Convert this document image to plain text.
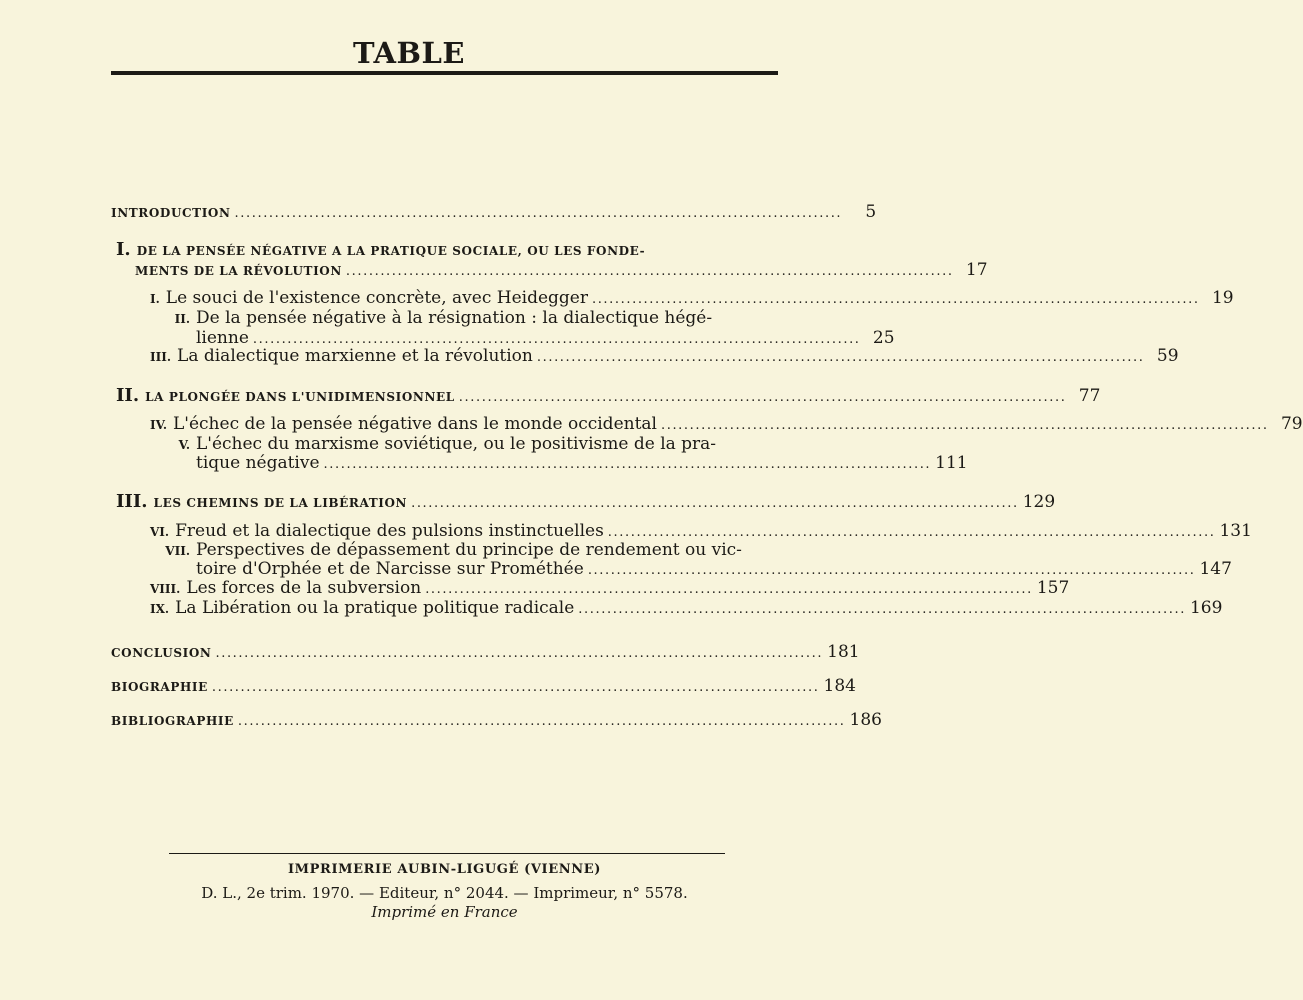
TABLE
INTRODUCTION ..........................................................................................................	5
I. DE LA PENSÉE NÉGATIVE A LA PRATIQUE SOCIALE, OU LES FONDE-
MENTS DE LA RÉVOLUTION .......................................................................................................... 17
I. Le souci de l'existence concrète, avec Heidegger .......................................................................................................... 19
II. De la pensée négative à la résignation : la dialectique hégé-
lienne .......................................................................................................... 25
III. La dialectique marxienne et la révolution .......................................................................................................... 59
II. LA PLONGÉE DANS L'UNIDIMENSIONNEL .......................................................................................................... 77
IV. L'échec de la pensée négative dans le monde occidental .......................................................................................................... 79
V. L'échec du marxisme soviétique, ou le positivisme de la pra-
tique négative .......................................................................................................... 111
III. LES CHEMINS DE LA LIBÉRATION .......................................................................................................... 129
VI. Freud et la dialectique des pulsions instinctuelles .......................................................................................................... 131
VII. Perspectives de dépassement du principe de rendement ou vic-
toire d'Orphée et de Narcisse sur Prométhée .......................................................................................................... 147
VIII. Les forces de la subversion .......................................................................................................... 157
IX. La Libération ou la pratique politique radicale .......................................................................................................... 169
CONCLUSION .......................................................................................................... 181
BIOGRAPHIE .......................................................................................................... 184
BIBLIOGRAPHIE .......................................................................................................... 186
IMPRIMERIE AUBIN-LIGUGÉ (VIENNE)
D. L., 2e trim. 1970. — Editeur, n° 2044. — Imprimeur, n° 5578.
Imprimé en France
